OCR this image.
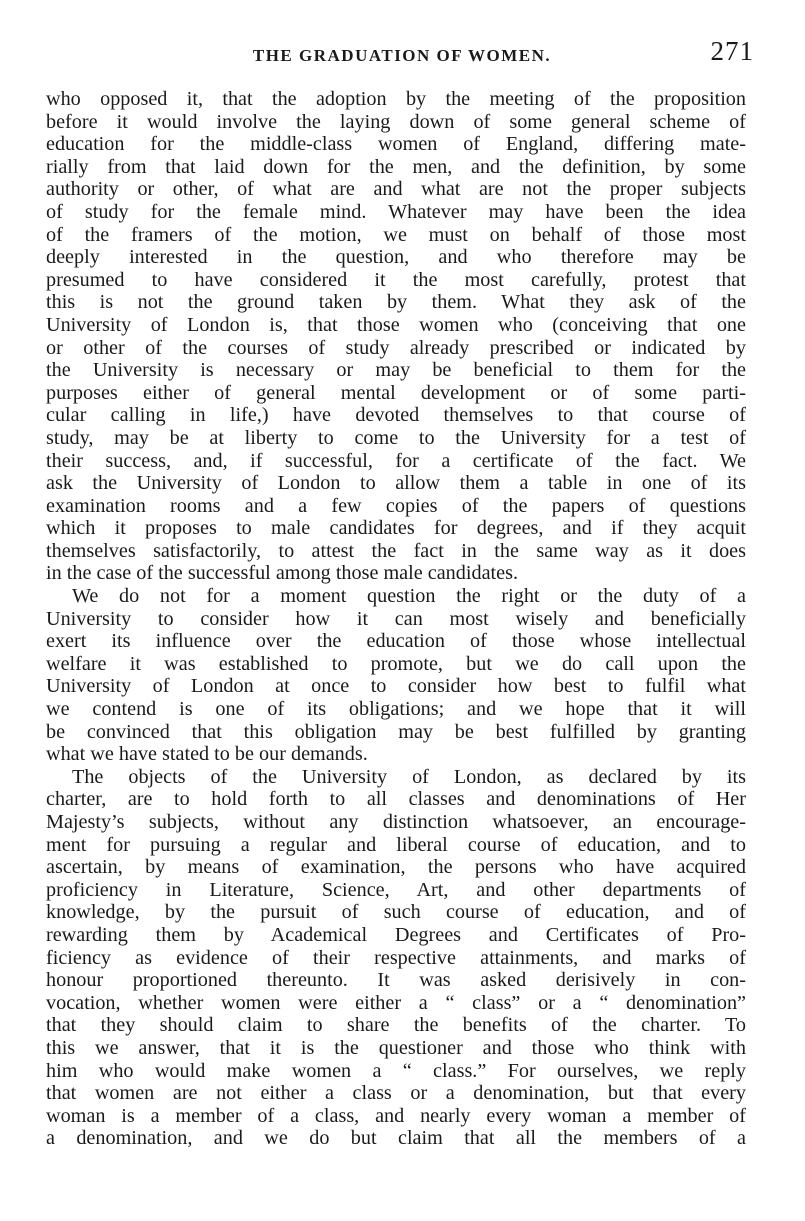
THE GRADUATION OF WOMEN.	271
who opposed it, that the adoption by the meeting of the proposition
before it would involve the laying down of some general scheme of
education for the middle-class women of England, differing mate-
rially from that laid down for the men, and the definition, by some
authority or other, of what are and what are not the proper subjects
of study for the female mind. Whatever may have been the idea
of the framers of the motion, we must on behalf of those most
deeply interested in the question, and who therefore may be
presumed to have considered it the most carefully, protest that
this is not the ground taken by them. What they ask of the
University of London is, that those women who (conceiving that one
or other of the courses of study already prescribed or indicated by
the University is necessary or may be beneficial to them for the
purposes either of general mental development or of some parti-
cular calling in life,) have devoted themselves to that course of
study, may be at liberty to come to the University for a test of
their success, and, if successful, for a certificate of the fact. We
ask the University of London to allow them a table in one of its
examination rooms and a few copies of the papers of questions
which it proposes to male candidates for degrees, and if they acquit
themselves satisfactorily, to attest the fact in the same way as it does
in the case of the successful among those male candidates.
We do not for a moment question the right or the duty of a
University to consider how it can most wisely and beneficially
exert its influence over the education of those whose intellectual
welfare it was established to promote, but we do call upon the
University of London at once to consider how best to fulfil what
we contend is one of its obligations; and we hope that it will
be convinced that this obligation may be best fulfilled by granting
what we have stated to be our demands.
The objects of the University of London, as declared by its
charter, are to hold forth to all classes and denominations of Her
Majesty’s subjects, without any distinction whatsoever, an encourage-
ment for pursuing a regular and liberal course of education, and to
ascertain, by means of examination, the persons who have acquired
proficiency in Literature, Science, Art, and other departments of
knowledge, by the pursuit of such course of education, and of
rewarding them by Academical Degrees and Certificates of Pro-
ficiency as evidence of their respective attainments, and marks of
honour proportioned thereunto. It was asked derisively in con-
vocation, whether women were either a “ class” or a “ denomination”
that they should claim to share the benefits of the charter. To
this we answer, that it is the questioner and those who think with
him who would make women a “ class.” For ourselves, we reply
that women are not either a class or a denomination, but that every
woman is a member of a class, and nearly every woman a member of
a denomination, and we do but claim that all the members of a
